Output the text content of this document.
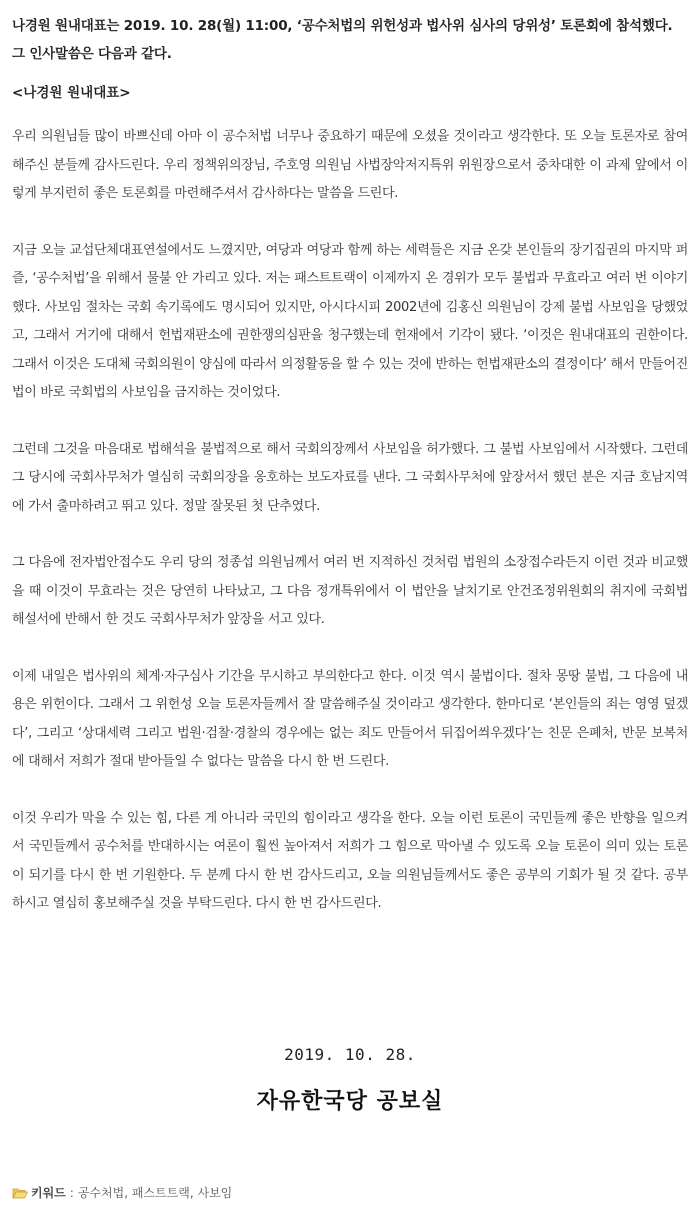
나경원 원내대표는 2019. 10. 28(월) 11:00, ‘공수처법의 위헌성과 법사위 심사의 당위성’ 토론회에 참석했다. 그 인사말씀은 다음과 같다.

<나경원 원내대표>

우리 의원님들 많이 바쁘신데 아마 이 공수처법 너무나 중요하기 때문에 오셨을 것이라고 생각한다. 또 오늘 토론자로 참여해주신 분들께 감사드린다. 우리 정책위의장님, 주호영 의원님 사법장악저지특위 위원장으로서 중차대한 이 과제 앞에서 이렇게 부지런히 좋은 토론회를 마련해주셔서 감사하다는 말씀을 드린다.

지금 오늘 교섭단체대표연설에서도 느꼈지만, 여당과 여당과 함께 하는 세력들은 지금 온갖 본인들의 장기집권의 마지막 퍼즐, ‘공수처법’을 위해서 물불 안 가리고 있다. 저는 패스트트랙이 이제까지 온 경위가 모두 불법과 무효라고 여러 번 이야기했다. 사보임 절차는 국회 속기록에도 명시되어 있지만, 아시다시피 2002년에 김홍신 의원님이 강제 불법 사보임을 당했었고, 그래서 거기에 대해서 헌법재판소에 권한쟁의심판을 청구했는데 헌재에서 기각이 됐다. ‘이것은 원내대표의 권한이다. 그래서 이것은 도대체 국회의원이 양심에 따라서 의정활동을 할 수 있는 것에 반하는 헌법재판소의 결정이다’ 해서 만들어진 법이 바로 국회법의 사보임을 금지하는 것이었다.

그런데 그것을 마음대로 법해석을 불법적으로 해서 국회의장께서 사보임을 허가했다. 그 불법 사보임에서 시작했다. 그런데 그 당시에 국회사무처가 열심히 국회의장을 옹호하는 보도자료를 낸다. 그 국회사무처에 앞장서서 했던 분은 지금 호남지역에 가서 출마하려고 뛰고 있다. 정말 잘못된 첫 단추였다.

그 다음에 전자법안접수도 우리 당의 정종섭 의원님께서 여러 번 지적하신 것처럼 법원의 소장접수라든지 이런 것과 비교했을 때 이것이 무효라는 것은 당연히 나타났고, 그 다음 정개특위에서 이 법안을 날치기로 안건조정위원회의 취지에 국회법 해설서에 반해서 한 것도 국회사무처가 앞장을 서고 있다.

이제 내일은 법사위의 체계·자구심사 기간을 무시하고 부의한다고 한다. 이것 역시 불법이다. 절차 몽땅 불법, 그 다음에 내용은 위헌이다. 그래서 그 위헌성 오늘 토론자들께서 잘 말씀해주실 것이라고 생각한다. 한마디로 ‘본인들의 죄는 영영 덮겠다’, 그리고 ‘상대세력 그리고 법원·검찰·경찰의 경우에는 없는 죄도 만들어서 뒤집어씌우겠다’는 친문 은폐처, 반문 보복처에 대해서 저희가 절대 받아들일 수 없다는 말씀을 다시 한 번 드린다.

이것 우리가 막을 수 있는 힘, 다른 게 아니라 국민의 힘이라고 생각을 한다. 오늘 이런 토론이 국민들께 좋은 반향을 일으켜서 국민들께서 공수처를 반대하시는 여론이 훨씬 높아져서 저희가 그 힘으로 막아낼 수 있도록 오늘 토론이 의미 있는 토론이 되기를 다시 한 번 기원한다. 두 분께 다시 한 번 감사드리고, 오늘 의원님들께서도 좋은 공부의 기회가 될 것 같다. 공부하시고 열심히 홍보해주실 것을 부탁드린다. 다시 한 번 감사드린다.

2019. 10. 28.
자유한국당 공보실
키워드 : 공수처법, 패스트트랙, 사보임
